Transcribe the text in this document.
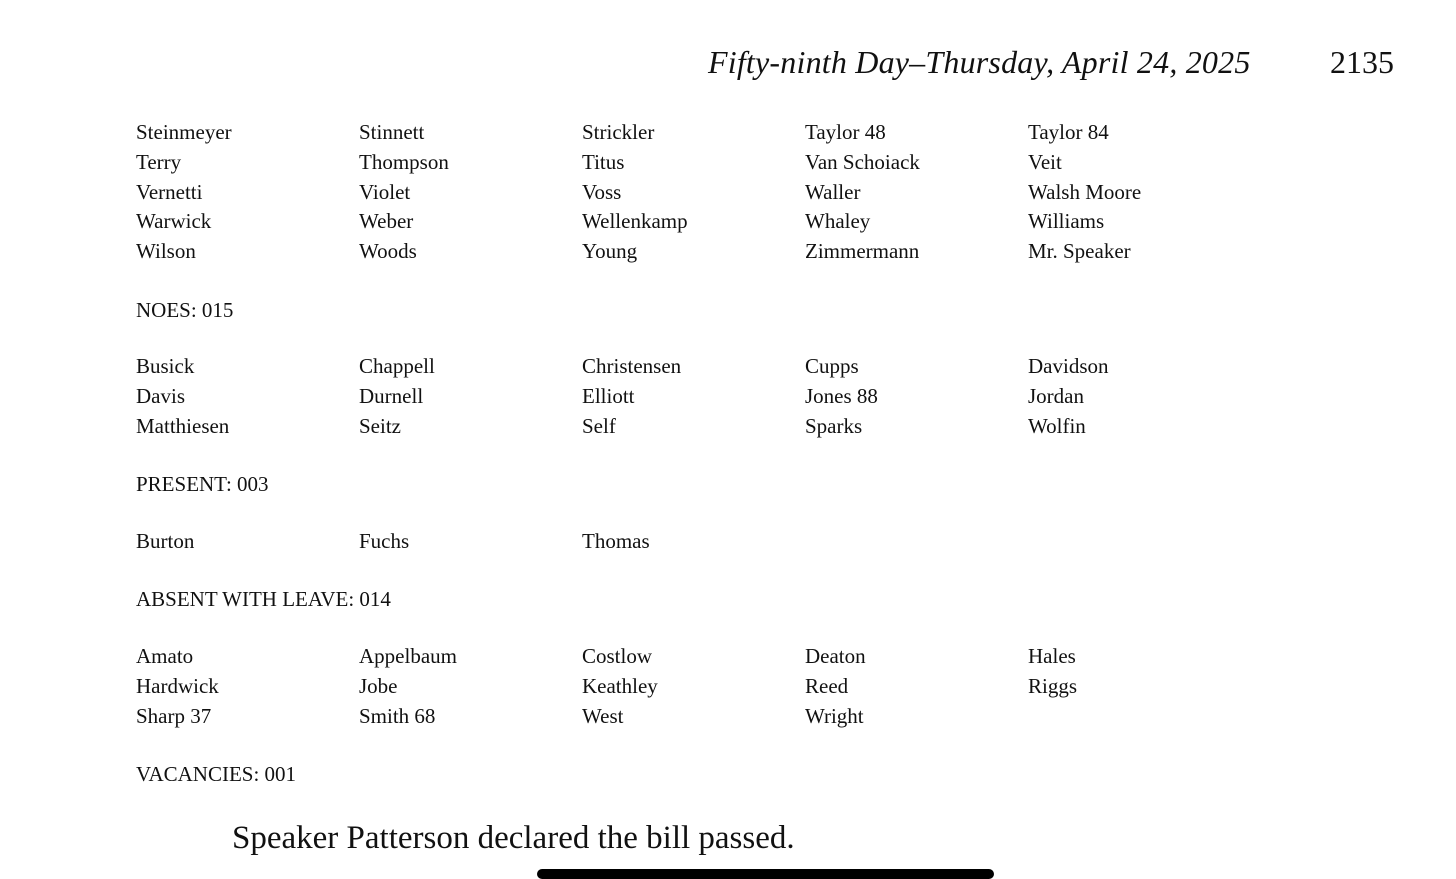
Fifty-ninth Day–Thursday, April 24, 2025 2135
Steinmeyer	Stinnett	Strickler	Taylor 48	Taylor 84
Terry	Thompson	Titus	Van Schoiack	Veit
Vernetti	Violet	Voss	Waller	Walsh Moore
Warwick	Weber	Wellenkamp	Whaley	Williams
Wilson	Woods	Young	Zimmermann	Mr. Speaker
NOES: 015
Busick	Chappell	Christensen	Cupps	Davidson
Davis	Durnell	Elliott	Jones 88	Jordan
Matthiesen	Seitz	Self	Sparks	Wolfin
PRESENT: 003
Burton	Fuchs	Thomas
ABSENT WITH LEAVE: 014
Amato	Appelbaum	Costlow	Deaton	Hales
Hardwick	Jobe	Keathley	Reed	Riggs
Sharp 37	Smith 68	West	Wright
VACANCIES: 001
Speaker Patterson declared the bill passed.
